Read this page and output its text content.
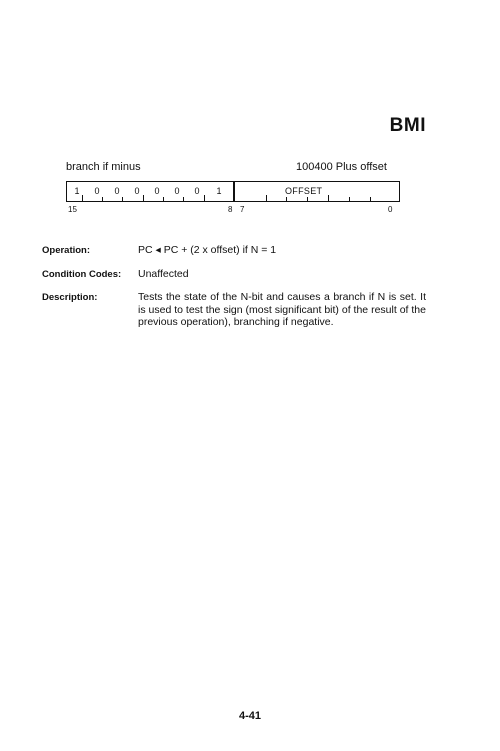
BMI
branch if minus	100400 Plus offset
1	0	0	0	0	0	0	1	OFFSET
15	8 7	0
Operation:	PC ◂ PC + (2 x offset) if N = 1
Condition Codes: Unaffected
Description:	Tests the state of the N-bit and causes a branch if N is set. It is used to test the sign (most significant bit) of the result of the previous operation), branching if negative.
4-41
